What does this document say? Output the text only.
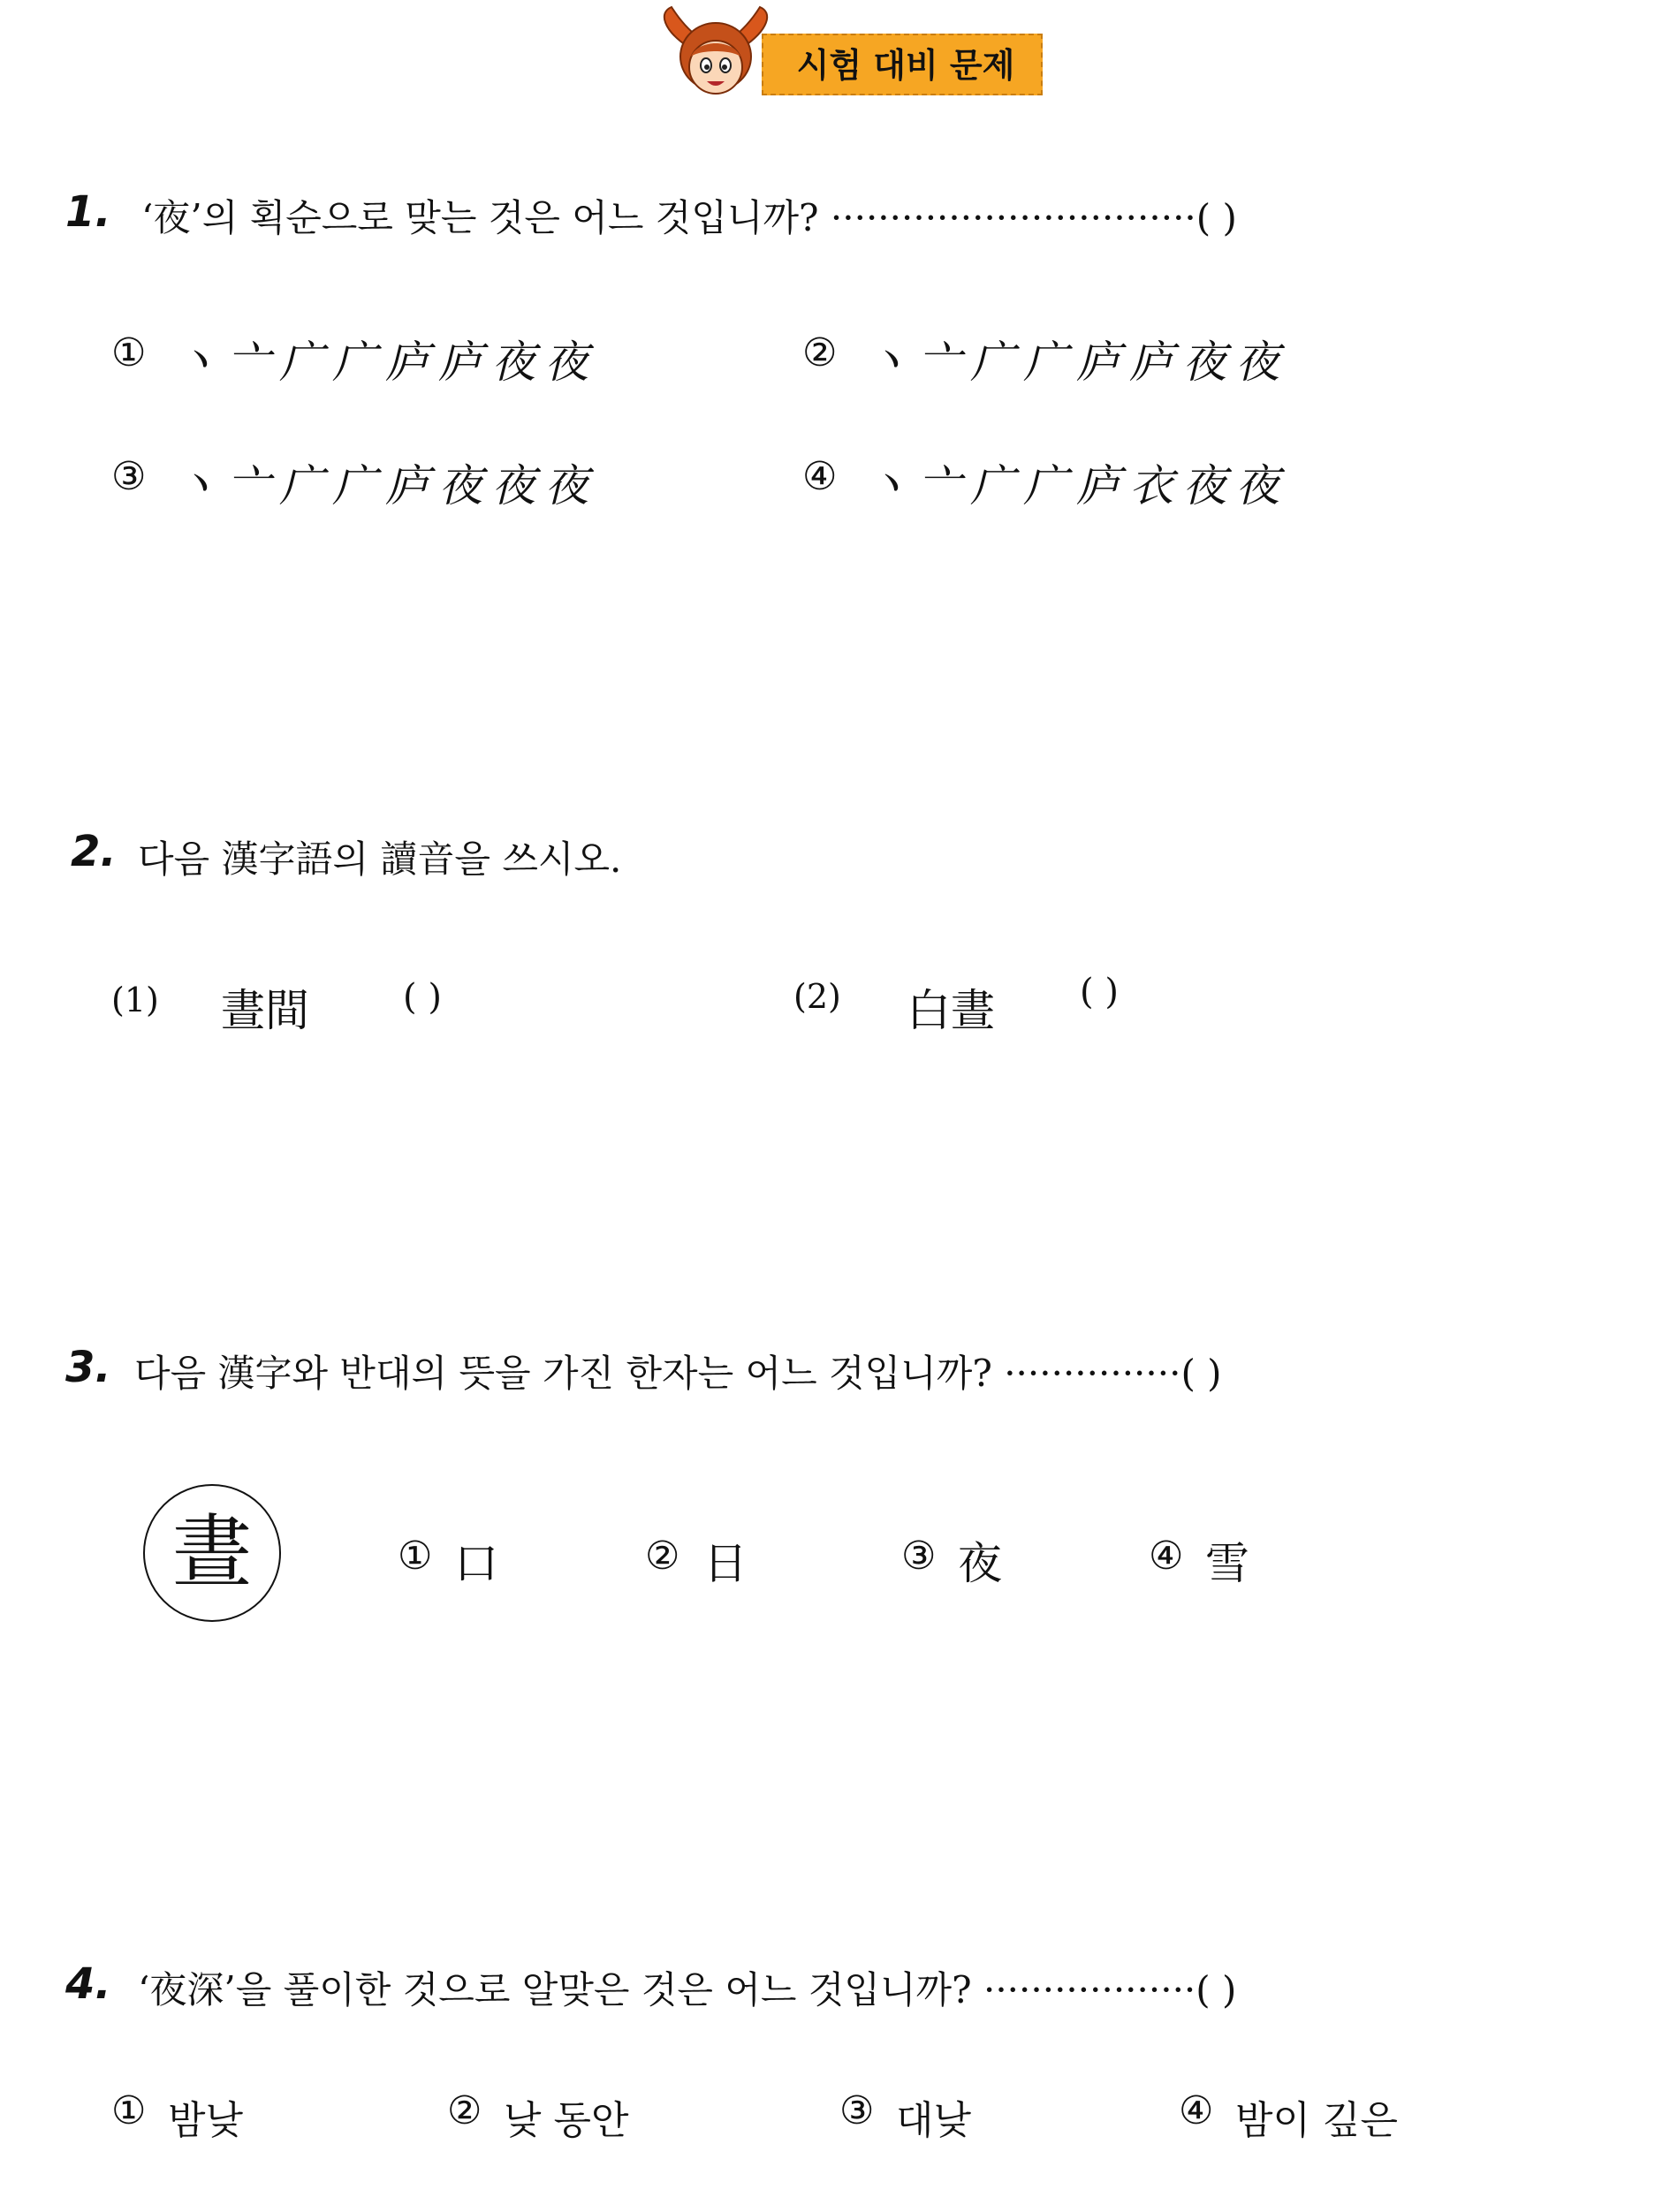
시험 대비 문제
1. ‘夜’의 획순으로 맞는 것은 어느 것입니까? ·······························( )
① 丶亠广广庐庐夜夜	② 丶亠广广庐庐夜夜
③ 丶亠广广庐夜夜夜	④ 丶亠广广庐衣夜夜
2. 다음 漢字語의 讀音을 쓰시오.
(1) 晝間	( )	(2) 白晝 ( )
3. 다음 漢字와 반대의 뜻을 가진 한자는 어느 것입니까? ···············( )
晝	① 口	② 日	③ 夜	④ 雪
4. ‘夜深’을 풀이한 것으로 알맞은 것은 어느 것입니까? ··················( )
① 밤낮	② 낮 동안	③ 대낮	④ 밤이 깊은
